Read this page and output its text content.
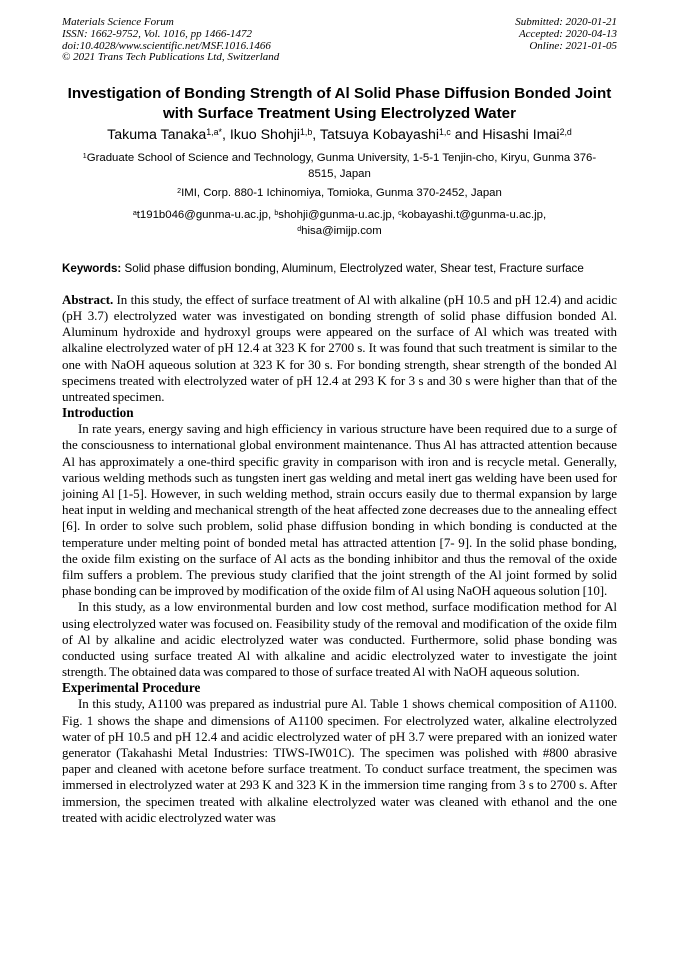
Materials Science Forum
ISSN: 1662-9752, Vol. 1016, pp 1466-1472
doi:10.4028/www.scientific.net/MSF.1016.1466
© 2021 Trans Tech Publications Ltd, Switzerland
Submitted: 2020-01-21
Accepted: 2020-04-13
Online: 2021-01-05
Investigation of Bonding Strength of Al Solid Phase Diffusion Bonded Joint with Surface Treatment Using Electrolyzed Water
Takuma Tanaka$^{1,a*}$, Ikuo Shohji$^{1,b}$, Tatsuya Kobayashi$^{1,c}$ and Hisashi Imai$^{2,d}$
$^1$Graduate School of Science and Technology, Gunma University, 1-5-1 Tenjin-cho, Kiryu, Gunma 376-8515, Japan
$^2$IMI, Corp. 880-1 Ichinomiya, Tomioka, Gunma 370-2452, Japan
$^a$t191b046@gunma-u.ac.jp, $^b$shohji@gunma-u.ac.jp, $^c$kobayashi.t@gunma-u.ac.jp,
$^d$hisa@imijp.com

Keywords: Solid phase diffusion bonding, Aluminum, Electrolyzed water, Shear test, Fracture surface

Abstract. In this study, the effect of surface treatment of Al with alkaline (pH 10.5 and pH 12.4) and acidic (pH 3.7) electrolyzed water was investigated on bonding strength of solid phase diffusion bonded Al. Aluminum hydroxide and hydroxyl groups were appeared on the surface of Al which was treated with alkaline electrolyzed water of pH 12.4 at 323 K for 2700 s. It was found that such treatment is similar to the one with NaOH aqueous solution at 323 K for 30 s. For bonding strength, shear strength of the bonded Al specimens treated with electrolyzed water of pH 12.4 at 293 K for 3 s and 30 s were higher than that of the untreated specimen.

Introduction

In rate years, energy saving and high efficiency in various structure have been required due to a surge of the consciousness to international global environment maintenance. Thus Al has attracted attention because Al has approximately a one-third specific gravity in comparison with iron and is recycle metal. Generally, various welding methods such as tungsten inert gas welding and metal inert gas welding have been used for joining Al [1-5]. However, in such welding method, strain occurs easily due to thermal expansion by large heat input in welding and mechanical strength of the heat affected zone decreases due to the annealing effect [6]. In order to solve such problem, solid phase diffusion bonding in which bonding is conducted at the temperature under melting point of bonded metal has attracted attention [7- 9]. In the solid phase bonding, the oxide film existing on the surface of Al acts as the bonding inhibitor and thus the removal of the oxide film suffers a problem. The previous study clarified that the joint strength of the Al joint formed by solid phase bonding can be improved by modification of the oxide film of Al using NaOH aqueous solution [10].

In this study, as a low environmental burden and low cost method, surface modification method for Al using electrolyzed water was focused on. Feasibility study of the removal and modification of the oxide film of Al by alkaline and acidic electrolyzed water was conducted. Furthermore, solid phase bonding was conducted using surface treated Al with alkaline and acidic electrolyzed water to investigate the joint strength. The obtained data was compared to those of surface treated Al with NaOH aqueous solution.

Experimental Procedure

In this study, A1100 was prepared as industrial pure Al. Table 1 shows chemical composition of A1100. Fig. 1 shows the shape and dimensions of A1100 specimen. For electrolyzed water, alkaline electrolyzed water of pH 10.5 and pH 12.4 and acidic electrolyzed water of pH 3.7 were prepared with an ionized water generator (Takahashi Metal Industries: TIWS-IW01C). The specimen was polished with #800 abrasive paper and cleaned with acetone before surface treatment. To conduct surface treatment, the specimen was immersed in electrolyzed water at 293 K and 323 K in the immersion time ranging from 3 s to 2700 s. After immersion, the specimen treated with alkaline electrolyzed water was cleaned with ethanol and the one treated with acidic electrolyzed water was
